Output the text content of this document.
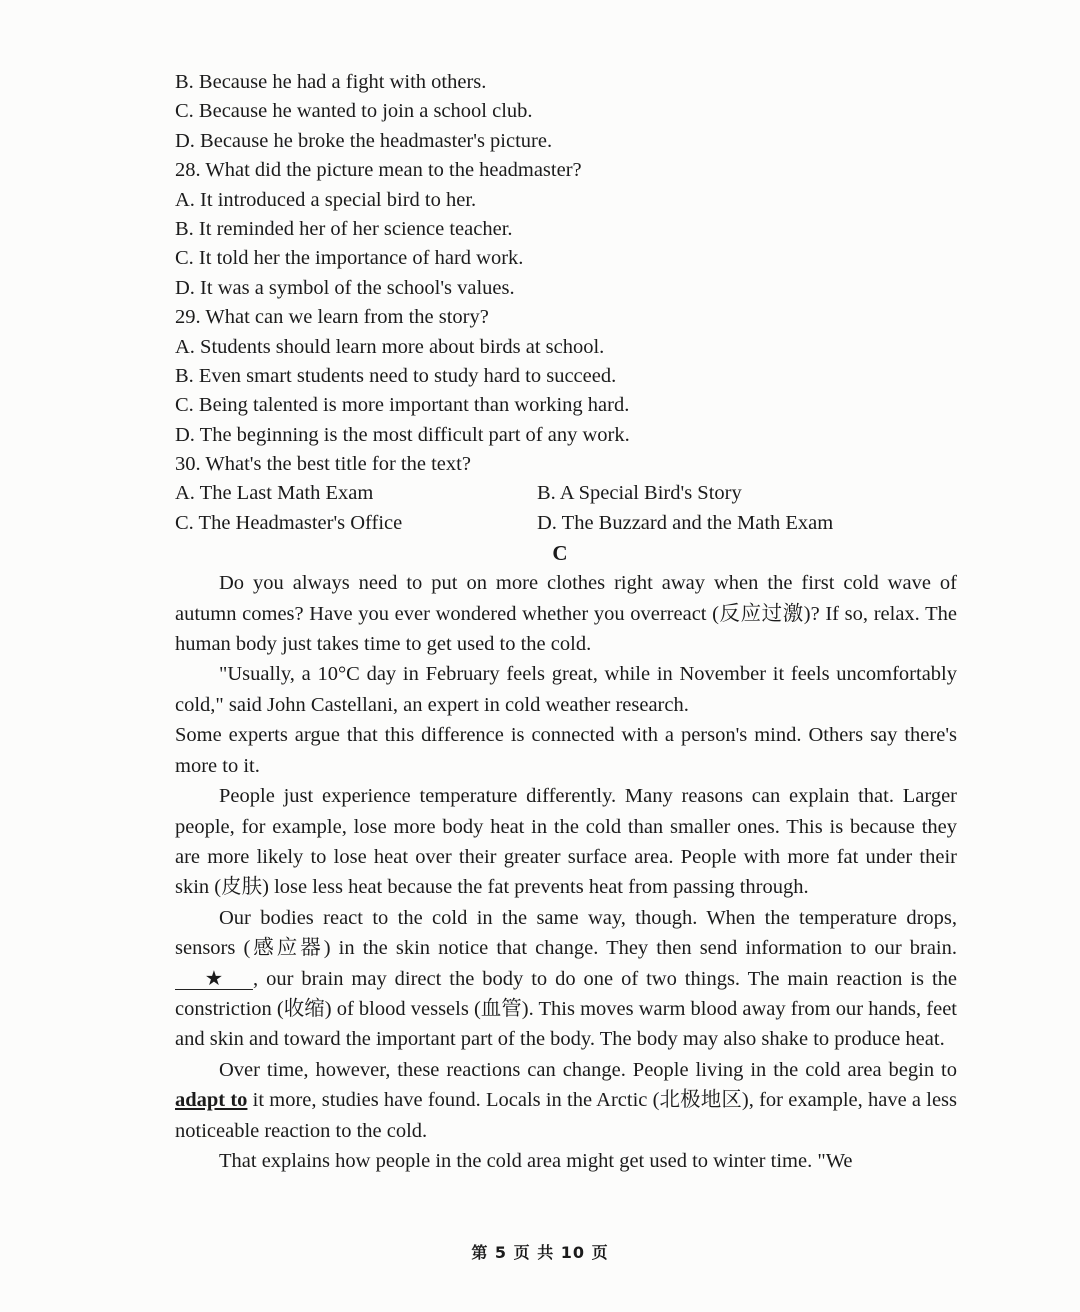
B. Because he had a fight with others.
C. Because he wanted to join a school club.
D. Because he broke the headmaster's picture.
28. What did the picture mean to the headmaster?
A. It introduced a special bird to her.
B. It reminded her of her science teacher.
C. It told her the importance of hard work.
D. It was a symbol of the school's values.
29. What can we learn from the story?
A. Students should learn more about birds at school.
B. Even smart students need to study hard to succeed.
C. Being talented is more important than working hard.
D. The beginning is the most difficult part of any work.
30. What's the best title for the text?
A. The Last Math Exam	B. A Special Bird's Story
C. The Headmaster's Office	D. The Buzzard and the Math Exam
C

Do you always need to put on more clothes right away when the first cold wave of autumn comes? Have you ever wondered whether you overreact (反应过激)? If so, relax. The human body just takes time to get used to the cold.

"Usually, a 10°C day in February feels great, while in November it feels uncomfortably cold," said John Castellani, an expert in cold weather research.

Some experts argue that this difference is connected with a person's mind. Others say there's more to it.

People just experience temperature differently. Many reasons can explain that. Larger people, for example, lose more body heat in the cold than smaller ones. This is because they are more likely to lose heat over their greater surface area. People with more fat under their skin (皮肤) lose less heat because the fat prevents heat from passing through.

Our bodies react to the cold in the same way, though. When the temperature drops, sensors (感应器) in the skin notice that change. They then send information to our brain.★ , our brain may direct the body to do one of two things. The main reaction is the constriction (收缩) of blood vessels (血管). This moves warm blood away from our hands, feet and skin and toward the important part of the body. The body may also shake to produce heat.

Over time, however, these reactions can change. People living in the cold area begin to adapt to it more, studies have found. Locals in the Arctic (北极地区), for example, have a less noticeable reaction to the cold.

That explains how people in the cold area might get used to winter time. "We

第 5 页 共 10 页
